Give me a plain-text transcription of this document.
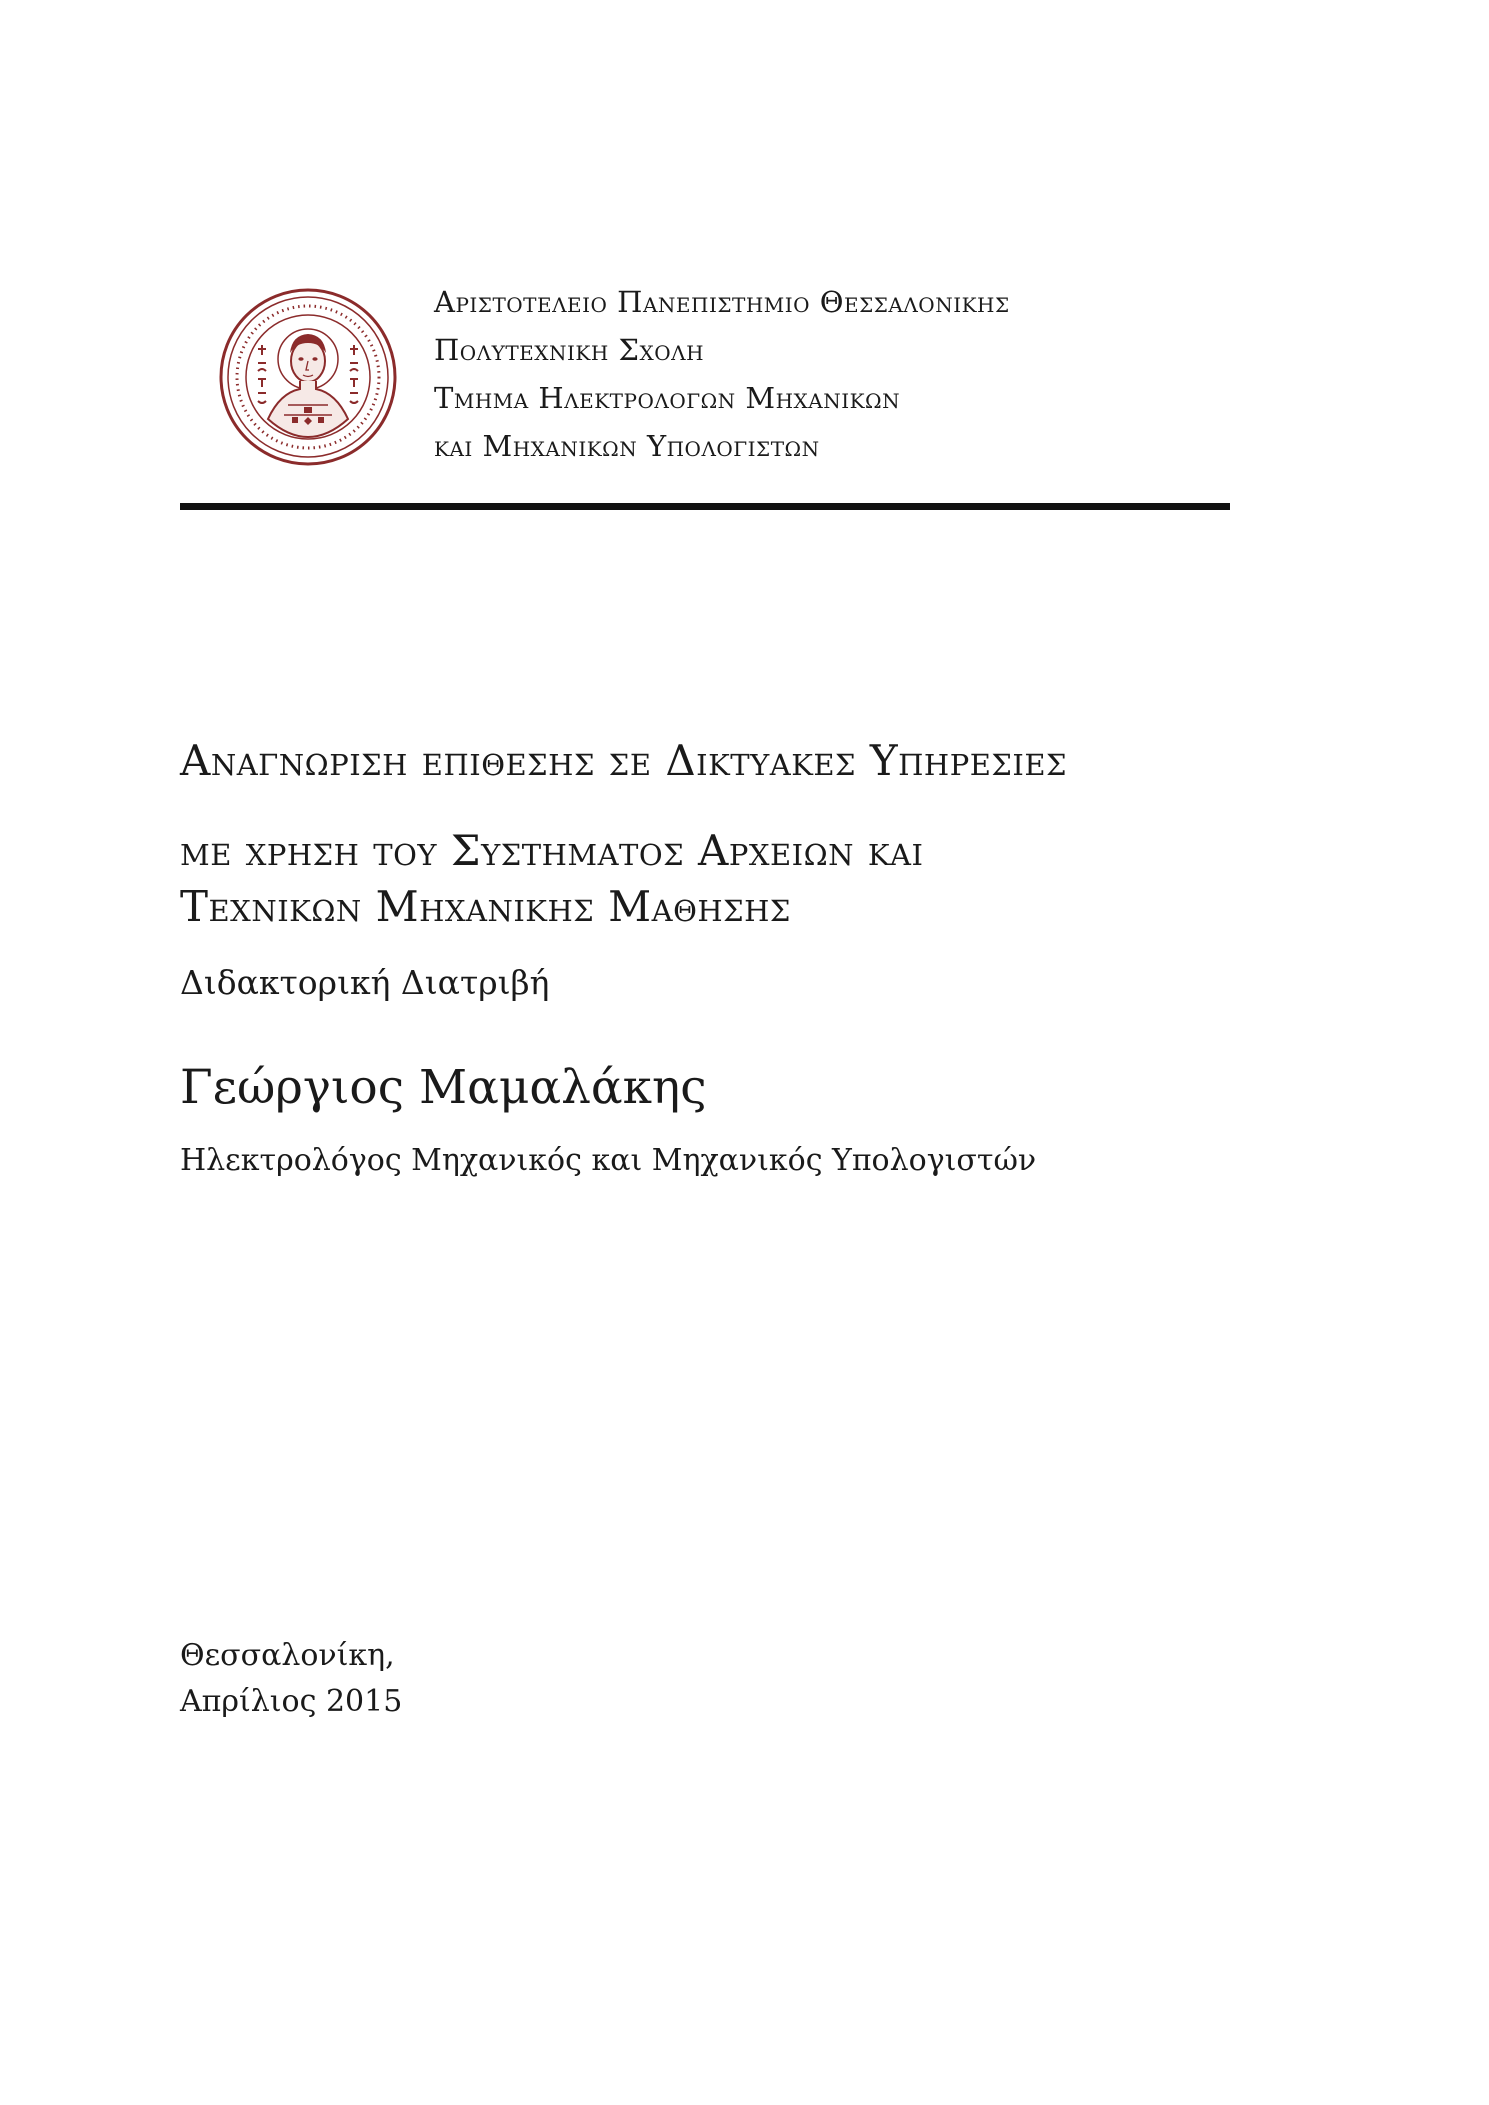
Αριστοτελειο Πανεπιστημιο Θεσσαλονικης
Πολυτεχνικη Σχολη
Τμημα Ηλεκτρολογων Μηχανικων
και Μηχανικων Υπολογιστων
Αναγνωριση επιθεσης σε Δικτυακες Υπηρεσιες
με χρηση του Συστηματος Αρχειων και
Τεχνικων Μηχανικης Μαθησης
Διδακτορική Διατριβή
Γεώργιος Μαμαλάκης
Ηλεκτρολόγος Μηχανικός και Μηχανικός Υπολογιστών
Θεσσαλονίκη,
Απρίλιος 2015
